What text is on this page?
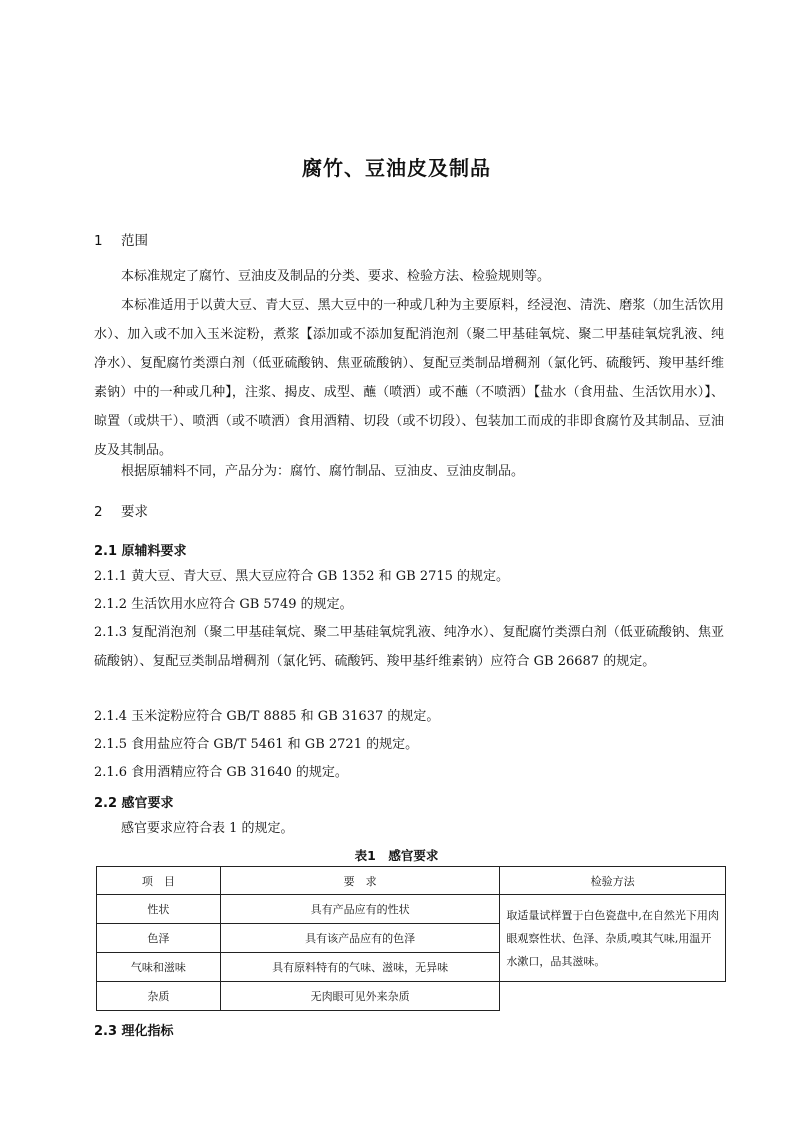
腐竹、豆油皮及制品
1 范围
本标准规定了腐竹、豆油皮及制品的分类、要求、检验方法、检验规则等。
本标准适用于以黄大豆、青大豆、黑大豆中的一种或几种为主要原料，经浸泡、清洗、磨浆（加生活饮用水）、加入或不加入玉米淀粉，煮浆【添加或不添加复配消泡剂（聚二甲基硅氧烷、聚二甲基硅氧烷乳液、纯净水）、复配腐竹类漂白剂（低亚硫酸钠、焦亚硫酸钠）、复配豆类制品增稠剂（氯化钙、硫酸钙、羧甲基纤维素钠）中的一种或几种】，注浆、揭皮、成型、蘸（喷洒）或不蘸（不喷洒）【盐水（食用盐、生活饮用水）】、晾置（或烘干）、喷洒（或不喷洒）食用酒精、切段（或不切段）、包装加工而成的非即食腐竹及其制品、豆油皮及其制品。
根据原辅料不同，产品分为：腐竹、腐竹制品、豆油皮、豆油皮制品。
2 要求
2.1 原辅料要求
2.1.1 黄大豆、青大豆、黑大豆应符合 GB 1352 和 GB 2715 的规定。
2.1.2 生活饮用水应符合 GB 5749 的规定。
2.1.3 复配消泡剂（聚二甲基硅氧烷、聚二甲基硅氧烷乳液、纯净水）、复配腐竹类漂白剂（低亚硫酸钠、焦亚硫酸钠）、复配豆类制品增稠剂（氯化钙、硫酸钙、羧甲基纤维素钠）应符合 GB 26687 的规定。
2.1.4 玉米淀粉应符合 GB/T 8885 和 GB 31637 的规定。
2.1.5 食用盐应符合 GB/T 5461 和 GB 2721 的规定。
2.1.6 食用酒精应符合 GB 31640 的规定。
2.2 感官要求
感官要求应符合表 1 的规定。
表1　感官要求
项　目	要　求	检验方法
性状	具有产品应有的性状	取适量试样置于白色瓷盘中,在自然光下用肉眼观察性状、色泽、杂质,嗅其气味,用温开水漱口，品其滋味。
色泽	具有该产品应有的色泽	
气味和滋味	具有原料特有的气味、滋味，无异味	
杂质	无肉眼可见外来杂质	
2.3 理化指标
